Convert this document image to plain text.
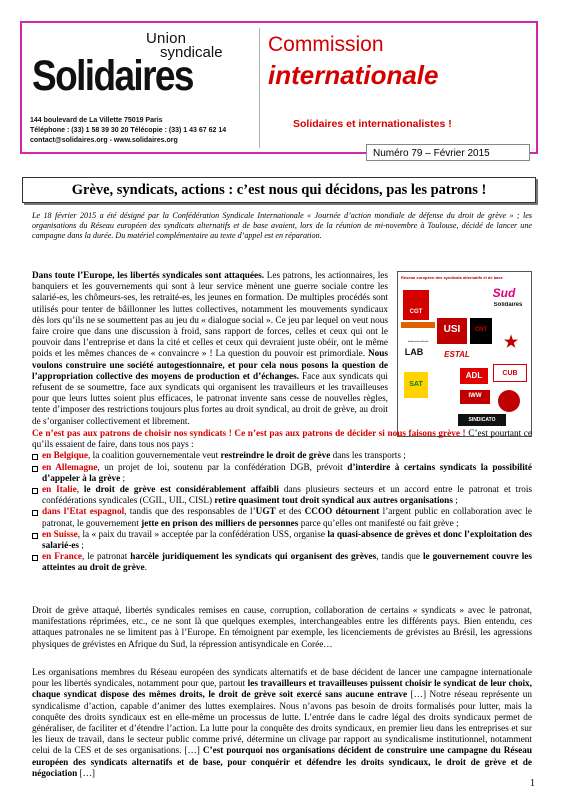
Union
syndicale
Solidaires
144 boulevard de La Villette 75019 Paris
Téléphone : (33) 1 58 39 30 20 Télécopie : (33) 1 43 67 62 14
contact@solidaires.org - www.solidaires.org
Commission
internationale
Solidaires et internationalistes !
Numéro 79 – Février 2015
Grève, syndicats, actions : c’est nous qui décidons, pas les patrons !
Le 18 février 2015 a été désigné par la Confédération Syndicale Internationale « Journée d’action mondiale de défense du droit de grève » ; les organisations du Réseau européen des syndicats alternatifs et de base avaient, lors de la réunion de mi-novembre à Toulouse, décidé de lancer une campagne dans la durée. Du matériel complémentaire au texte d’appel est en réparation.
Dans toute l’Europe, les libertés syndicales sont attaquées. Les patrons, les actionnaires, les banquiers et les gouvernements qui sont à leur service mènent une guerre sociale contre les salarié-es, les chômeurs-ses, les retraité-es, les jeunes en formation. De multiples procédés sont utilisés pour tenter de bâillonner les luttes collectives, notamment les mouvements syndicaux dès lors qu’ils ne se soumettent pas au jeu du « dialogue social ». Ce jeu par lequel on veut nous faire croire que dans une discussion à froid, sans rapport de forces, celles et ceux qui ont le pouvoir dans l’entreprise et dans la cité et celles et ceux qui devraient juste obéir, ont le même poids et les mêmes chances de « convaincre » ! La question du pouvoir est primordiale. Nous voulons construire une société autogestionnaire, et pour cela nous posons la question de l’appropriation collective des moyens de production et d’échanges. Face aux syndicats qui refusent de se soumettre, face aux syndicats qui organisent les travailleurs et les travailleuses pour que leurs luttes soient plus efficaces, le patronat invente sans cesse de nouvelles règles, tente d’imposer des restrictions toujours plus fortes au droit syndical, au droit de grève, au droit de s’organiser collectivement et librement.
Réseau européen des syndicats alternatifs et de base
CGT
Sud
Solidaires
intersindical
USI	CNT
LAB	ESTAL
ADL	CUB
SAT
IWW
SINDICATO
★
Ce n’est pas aux patrons de choisir nos syndicats ! Ce n’est pas aux patrons de décider si nous faisons grève ! C’est pourtant ce qu’ils essaient de faire, dans tous nos pays :
en Belgique, la coalition gouvernementale veut restreindre le droit de grève dans les transports ;
en Allemagne, un projet de loi, soutenu par la confédération DGB, prévoit d’interdire à certains syndicats la possibilité d’appeler à la grève ;
en Italie, le droit de grève est considérablement affaibli dans plusieurs secteurs et un accord entre le patronat et trois confédérations syndicales (CGIL, UIL, CISL) retire quasiment tout droit syndical aux autres organisations ;
dans l’Etat espagnol, tandis que des responsables de l’UGT et des CCOO détournent l’argent public en collaboration avec le patronat, le gouvernement jette en prison des milliers de personnes parce qu’elles ont manifesté ou fait grève ;
en Suisse, la « paix du travail » acceptée par la confédération USS, organise la quasi-absence de grèves et donc l’exploitation des salarié-es ;
en France, le patronat harcèle juridiquement les syndicats qui organisent des grèves, tandis que le gouvernement couvre les atteintes au droit de grève.
Droit de grève attaqué, libertés syndicales remises en cause, corruption, collaboration de certains « syndicats » avec le patronat, manifestations réprimées, etc., ce ne sont là que quelques exemples, interchangeables entre les différents pays. Bien entendu, ces attaques patronales ne se limitent pas à l’Europe. En témoignent par exemple, les licenciements de grévistes au Brésil, les agressions physiques de grévistes en Afrique du Sud, la répression antisyndicale en Corée…
Les organisations membres du Réseau européen des syndicats alternatifs et de base décident de lancer une campagne internationale pour les libertés syndicales, notamment pour que, partout les travailleurs et travailleuses puissent choisir le syndicat de leur choix, chaque syndicat dispose des mêmes droits, le droit de grève soit exercé sans aucune entrave […] Notre réseau représente un syndicalisme d’action, capable d’animer des luttes exemplaires. Nous n’avons pas besoin de droits formalisés pour lutter, mais la conquête des droits syndicaux est en elle-même un processus de lutte. L’entrée dans le cadre légal des droits syndicaux permet de généraliser, de faciliter et d’étendre l’action. La lutte pour la conquête des droits syndicaux, en premier lieu dans les entreprises et sur les lieux de travail, dans le secteur public comme privé, détermine un clivage par rapport au syndicalisme institutionnel, notamment celui de la CES et de ses organisations. […] C’est pourquoi nos organisations décident de construire une campagne du Réseau européen des syndicats alternatifs et de base, pour conquérir et défendre les droits syndicaux, le droit de grève et de négociation […]
1
